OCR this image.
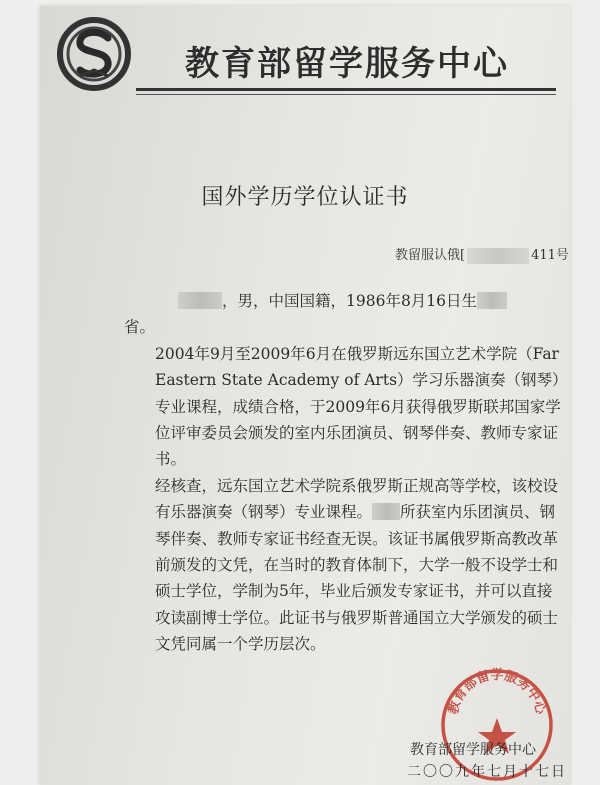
教育部留学服务中心
国外学历学位认证书
教留服认俄[	411号

，男，中国国籍，1986年8月16日生

省。

2004年9月至2009年6月在俄罗斯远东国立艺术学院（Far Eastern State Academy of Arts）学习乐器演奏（钢琴）专业课程，成绩合格，于2009年6月获得俄罗斯联邦国家学位评审委员会颁发的室内乐团演员、钢琴伴奏、教师专家证书。

经核查，远东国立艺术学院系俄罗斯正规高等学校，该校设有乐器演奏（钢琴）专业课程。 所获室内乐团演员、钢琴伴奏、教师专家证书经查无误。该证书属俄罗斯高教改革前颁发的文凭，在当时的教育体制下，大学一般不设学士和硕士学位，学制为5年，毕业后颁发专家证书，并可以直接攻读副博士学位。此证书与俄罗斯普通国立大学颁发的硕士文凭同属一个学历层次。

教育部留学服务中心
教育部留学服务中心
二〇〇九年七月十七日
